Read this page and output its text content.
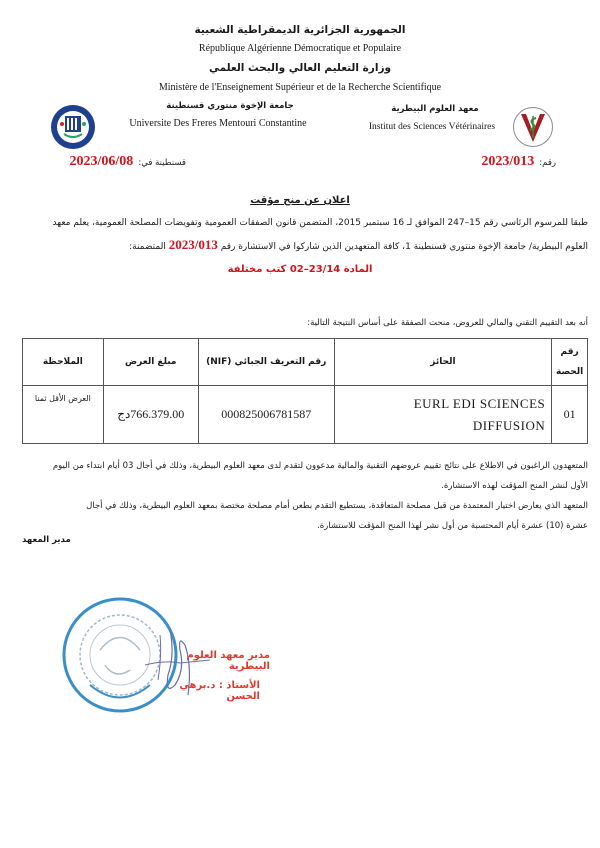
الجمهورية الجزائرية الديمقراطية الشعبية
République Algérienne Démocratique et Populaire
وزارة التعليم العالي والبحث العلمي
Ministère de l'Enseignement Supérieur et de la Recherche Scientifique
جامعة الإخوة منتوري قسنطينة
Universite Des Freres Mentouri Constantine
معهد العلوم البيطرية
Institut des Sciences Vétérinaires
قسنطينة في: 2023/06/08	رقم: 2023/013
اعلان عن منح مؤقت
طبقا للمرسوم الرئاسي رقم 15–247 الموافق لـ 16 سبتمبر 2015، المتضمن قانون الصفقات العمومية وتفويضات المصلحة العمومية، يعلم معهد
العلوم البيطرية/ جامعة الإخوة منتوري قسنطينة 1، كافة المتعهدين الذين شاركوا في الاستشارة رقم 2023/013 المتضمنة:
المادة 23/14–02 كتب مختلفة
أنه بعد التقييم التقني والمالي للعروض، منحت الصفقة على أساس النتيجة التالية:
رقم الحصة	الحائز	رقم التعريف الجبائي (NIF)	مبلغ العرض	الملاحظة
01	EURL EDI SCIENCES DIFFUSION	000825006781587	766.379.00دج	العرض الأقل ثمنا
المتعهدون الراغبون في الاطلاع على نتائج تقييم عروضهم التقنية والمالية مدعوون لتقدم لدى معهد العلوم البيطرية، وذلك في أجال 03 أيام ابتداء من اليوم
الأول لنشر المنح المؤقت لهذه الاستشارة.
المتعهد الذي يعارض اختيار المعتمدة من قبل مصلحة المتعاقدة، يستطيع التقدم بطعن أمام مصلحة مختصة بمعهد العلوم البيطرية، وذلك في أجال
عشرة (10) عشرة أيام المحتسبة من أول نشر لهذا المنح المؤقت للاستشارة.
مدير المعهد
مدير معهد العلوم البيطرية
الأستاذ : د.برهي الحسن
